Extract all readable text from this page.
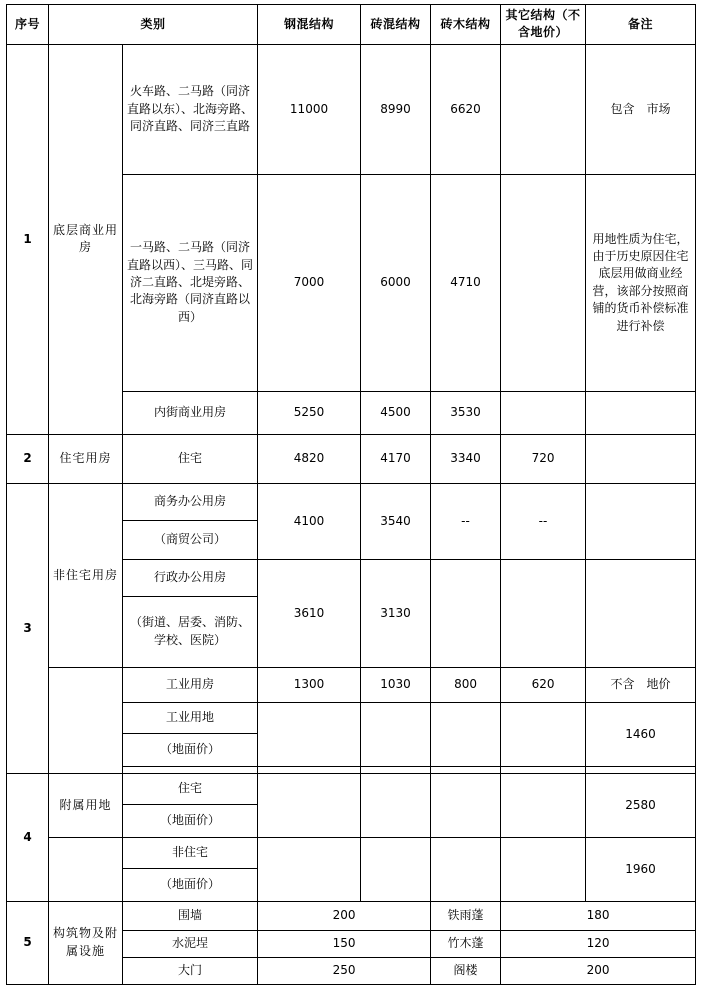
序号	类别		钢混结构	砖混结构	砖木结构	其它结构（不含地价）	备注
1	底层商业用房	火车路、二马路（同济直路以东）、北海旁路、同济直路、同济三直路	11000	8990	6620		包含　市场
		一马路、二马路（同济直路以西）、三马路、同济二直路、北堤旁路、北海旁路（同济直路以西）	7000	6000	4710		用地性质为住宅，由于历史原因住宅底层用做商业经营，该部分按照商铺的货币补偿标准进行补偿
		内街商业用房	5250	4500	3530		
2	住宅用房	住宅	4820	4170	3340	720	
3	非住宅用房	商务办公用房	4100	3540	--	--	
		（商贸公司）					
		行政办公用房	3610	3130			
		（街道、居委、消防、学校、医院）					
		工业用房	1300	1030	800	620	不含　地价
		工业用地					1460
		（地面价）					

4	附属用地	住宅					2580
		（地面价）					
		非住宅					1960
		（地面价）					
5	构筑物及附属设施	围墙	200		铁雨蓬	180	
		水泥埕	150		竹木蓬	120	
		大门	250		阁楼	200	
